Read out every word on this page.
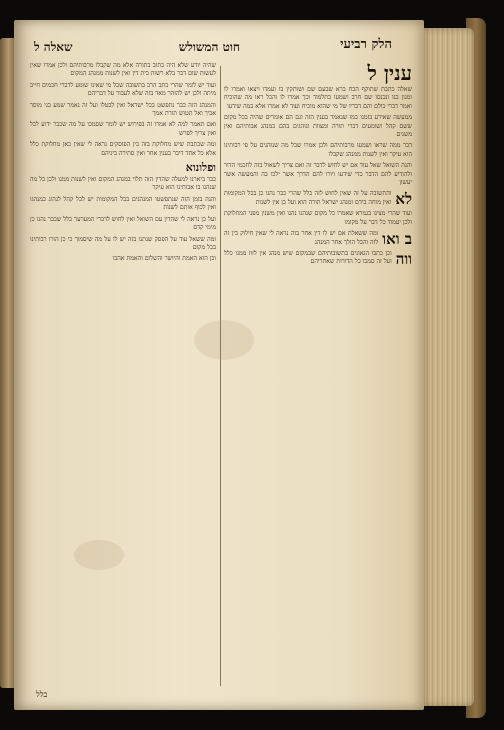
הלק רביעי
חוט המשולש
שאלה ל
ענין ל

שאלה כתבת שתוקף הכח ברא שבעם שם ושותקין בו ועמדו ויצאו ואמרו לו ומגון בנו ונכנסו שם חרב ושמעו בתלמוד וכך אמרו לו והכל ראו מה שהוכיח ואמר דברי כולם והם דבריו של מי שהוא מוכיח ועוד לא אמרו אלא במה שידעו

ממעשה שאירע בזמנו כמו שנאמר בענין הזה וגם הם אומרים שהיה בכל מקום ששם קהל ושומעים דברי תורה ומצוות ונוהגים בהם כמנהג אבותיהם ואין משנים

דבר ממה שראו ושמעו מרבותיהם ולכן אמרו שכל מה שנוהגים על פי רבותינו הוא עיקר ואין לשנות ממנהג שקבלו

והנה השואל שאל עוד אם יש לחוש לדבר זה ואם צריך לשאול בזה לחכמי הדור ולהודיע להם הדבר כדי שידעו ויורו להם הדרך אשר ילכו בה והמעשה אשר יעשון

לא
והתשובה על זה שאין לחוש לזה כלל שהרי כבר נהגו כן בכל המקומות ואין מוחה בידם ומנהג ישראל תורה הוא ועל כן אין לשנות

ועוד שהרי מצינו בגמרא שאמרו כל מקום שנהגו נהגו ואין משנין מפני המחלוקת ולכן יעמוד כל דבר על מקומו

ב ואו
ומה ששאלת אם יש לו דין אחר בזה נראה לי שאין חילוק בין זה לזה והכל הולך אחר המנהג

ווה
וכן כתבו הגאונים בתשובותיהם שבמקום שיש מנהג אין לזוז ממנו כלל ועל זה סמכו כל הדורות שאחריהם

שהיה יודע שלא היה כתוב בתורה אלא מה שקבלו מרבותיהם ולכן אמרו שאין לעשות שום דבר בלא רשות בית דין ואין לשנות ממנהג המקום

ועוד יש לומר שהרי כתב הרב בתשובה שכל מי שאינו שומע לדברי חכמים חייב מיתה ולכן יש להזהר מאד בזה שלא לעבור על דבריהם

והמנהג הזה כבר נתפשט בכל ישראל ואין לבטלו ועל זה נאמר שמע בני מוסר אביך ואל תטוש תורת אמך

ואם תאמר למה לא אמרו זה בפירוש יש לומר שסמכו על מה שכבר ידוע לכל ואין צריך לפרש

ומה שכתבת שיש מחלוקת בזה בין הפוסקים נראה לי שאין כאן מחלוקת כלל אלא כל אחד דיבר בענין אחר ואין סתירה ביניהם

ופלונוא

כבר ביארנו למעלה שהדין הזה תלוי במנהג המקום ואין לשנות ממנו ולכן כל מה שנהגו בו אבותינו הוא עיקר

והנה בזמן הזה שנתפשטו המנהגים בכל המקומות יש לכל קהל לנהוג כמנהגו ואין לכוף אותם לשנות

ועל כן נראה לי שהדין עם השואל ואין לחוש לדברי המערער כלל שכבר נהגו כן מימי קדם

ומה ששאל עוד על הפסק שנתנו בזה יש לו על מה שיסמוך כי כן הורו רבותינו בכל מקום

וכן הוא האמת והיושר והשלום והאמת אהבו

כלל
